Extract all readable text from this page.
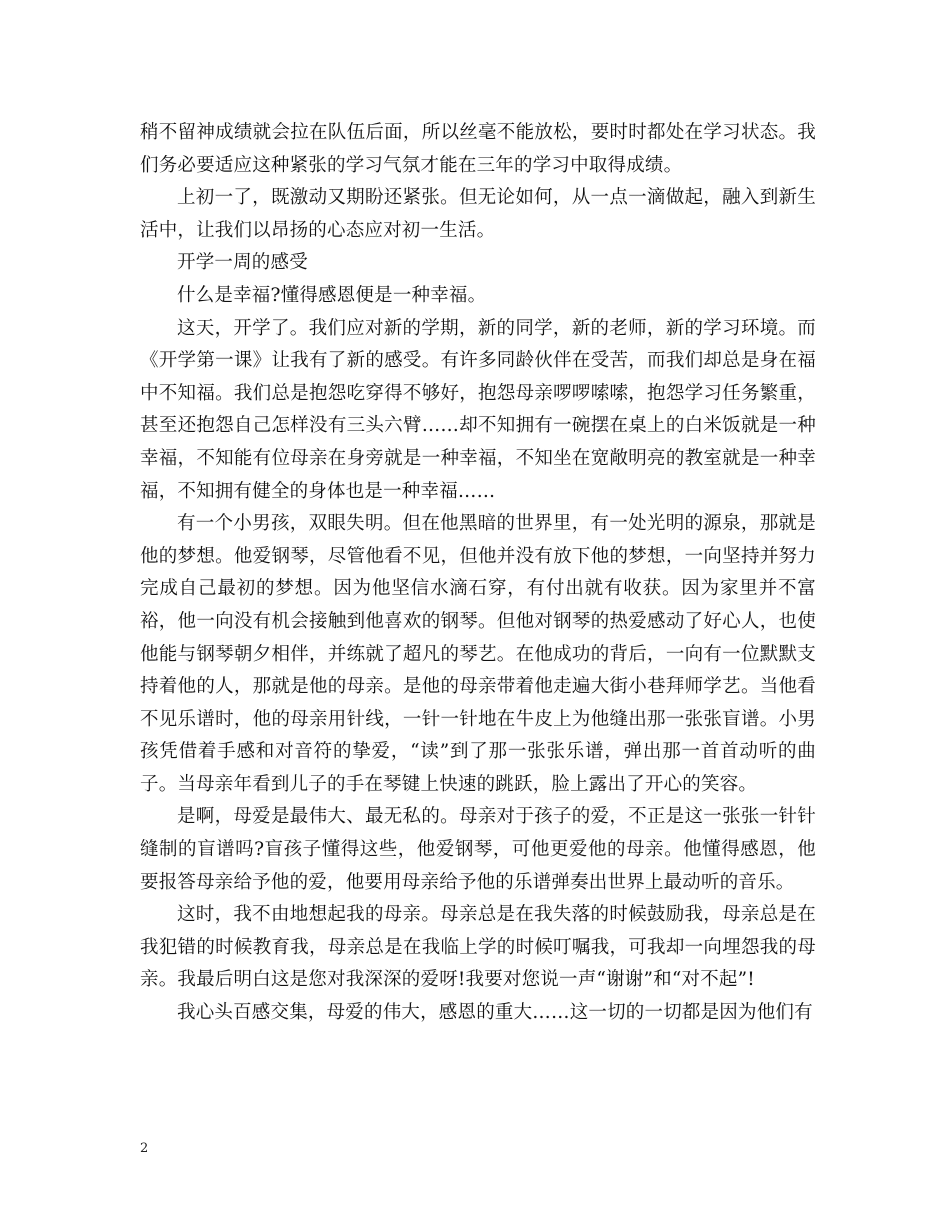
稍不留神成绩就会拉在队伍后面，所以丝毫不能放松，要时时都处在学习状态。我们务必要适应这种紧张的学习气氛才能在三年的学习中取得成绩。

上初一了，既激动又期盼还紧张。但无论如何，从一点一滴做起，融入到新生活中，让我们以昂扬的心态应对初一生活。

开学一周的感受

什么是幸福?懂得感恩便是一种幸福。

这天，开学了。我们应对新的学期，新的同学，新的老师，新的学习环境。而《开学第一课》让我有了新的感受。有许多同龄伙伴在受苦，而我们却总是身在福中不知福。我们总是抱怨吃穿得不够好，抱怨母亲啰啰嗦嗦，抱怨学习任务繁重，甚至还抱怨自己怎样没有三头六臂……却不知拥有一碗摆在桌上的白米饭就是一种幸福，不知能有位母亲在身旁就是一种幸福，不知坐在宽敞明亮的教室就是一种幸福，不知拥有健全的身体也是一种幸福……

有一个小男孩，双眼失明。但在他黑暗的世界里，有一处光明的源泉，那就是他的梦想。他爱钢琴，尽管他看不见，但他并没有放下他的梦想，一向坚持并努力完成自己最初的梦想。因为他坚信水滴石穿，有付出就有收获。因为家里并不富裕，他一向没有机会接触到他喜欢的钢琴。但他对钢琴的热爱感动了好心人，也使他能与钢琴朝夕相伴，并练就了超凡的琴艺。在他成功的背后，一向有一位默默支持着他的人，那就是他的母亲。是他的母亲带着他走遍大街小巷拜师学艺。当他看不见乐谱时，他的母亲用针线，一针一针地在牛皮上为他缝出那一张张盲谱。小男孩凭借着手感和对音符的挚爱，“读”到了那一张张乐谱，弹出那一首首动听的曲子。当母亲年看到儿子的手在琴键上快速的跳跃，脸上露出了开心的笑容。

是啊，母爱是最伟大、最无私的。母亲对于孩子的爱，不正是这一张张一针针缝制的盲谱吗?盲孩子懂得这些，他爱钢琴，可他更爱他的母亲。他懂得感恩，他要报答母亲给予他的爱，他要用母亲给予他的乐谱弹奏出世界上最动听的音乐。

这时，我不由地想起我的母亲。母亲总是在我失落的时候鼓励我，母亲总是在我犯错的时候教育我，母亲总是在我临上学的时候叮嘱我，可我却一向埋怨我的母亲。我最后明白这是您对我深深的爱呀!我要对您说一声“谢谢”和“对不起”!

我心头百感交集，母爱的伟大，感恩的重大……这一切的一切都是因为他们有

2
